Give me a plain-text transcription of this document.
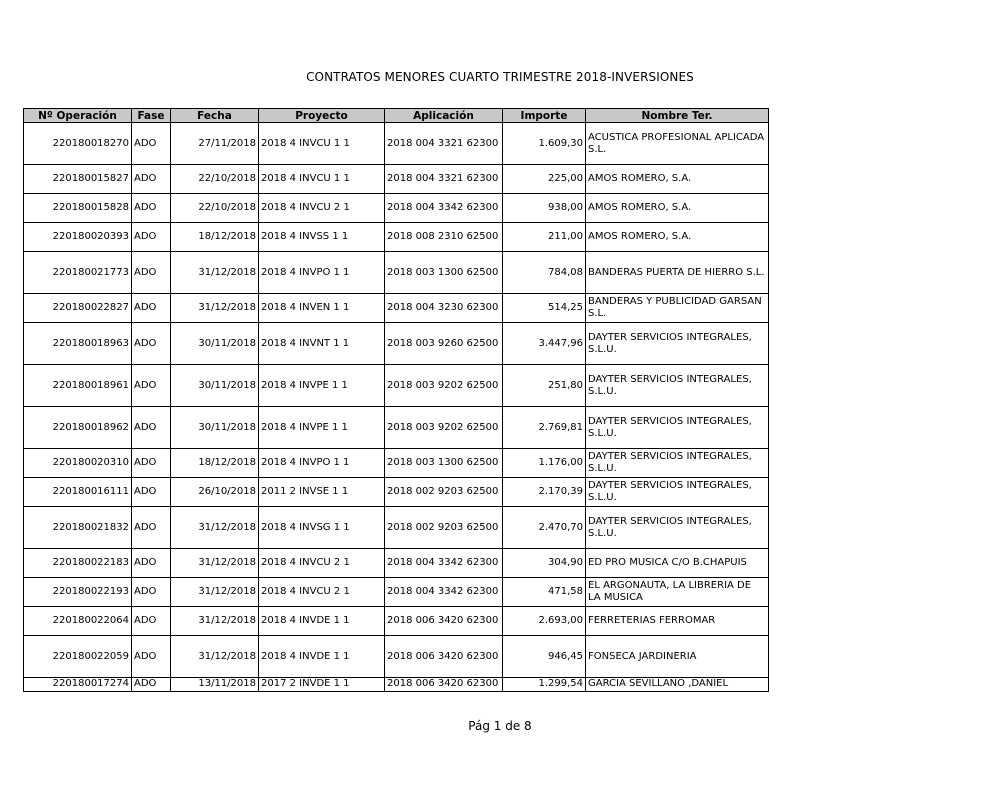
CONTRATOS MENORES CUARTO TRIMESTRE 2018-INVERSIONES
Nº Operación	Fase	Fecha	Proyecto	Aplicación	Importe	Nombre Ter.
220180018270	ADO	27/11/2018	2018 4 INVCU 1 1	2018 004 3321 62300	1.609,30	ACUSTICA PROFESIONAL APLICADA S.L.
220180015827	ADO	22/10/2018	2018 4 INVCU 1 1	2018 004 3321 62300	225,00	AMOS ROMERO, S.A.
220180015828	ADO	22/10/2018	2018 4 INVCU 2 1	2018 004 3342 62300	938,00	AMOS ROMERO, S.A.
220180020393	ADO	18/12/2018	2018 4 INVSS 1 1	2018 008 2310 62500	211,00	AMOS ROMERO, S.A.
220180021773	ADO	31/12/2018	2018 4 INVPO 1 1	2018 003 1300 62500	784,08	BANDERAS PUERTA DE HIERRO S.L.
220180022827	ADO	31/12/2018	2018 4 INVEN 1 1	2018 004 3230 62300	514,25	BANDERAS Y PUBLICIDAD GARSAN S.L.
220180018963	ADO	30/11/2018	2018 4 INVNT 1 1	2018 003 9260 62500	3.447,96	DAYTER SERVICIOS INTEGRALES, S.L.U.
220180018961	ADO	30/11/2018	2018 4 INVPE 1 1	2018 003 9202 62500	251,80	DAYTER SERVICIOS INTEGRALES, S.L.U.
220180018962	ADO	30/11/2018	2018 4 INVPE 1 1	2018 003 9202 62500	2.769,81	DAYTER SERVICIOS INTEGRALES, S.L.U.
220180020310	ADO	18/12/2018	2018 4 INVPO 1 1	2018 003 1300 62500	1.176,00	DAYTER SERVICIOS INTEGRALES, S.L.U.
220180016111	ADO	26/10/2018	2011 2 INVSE 1 1	2018 002 9203 62500	2.170,39	DAYTER SERVICIOS INTEGRALES, S.L.U.
220180021832	ADO	31/12/2018	2018 4 INVSG 1 1	2018 002 9203 62500	2.470,70	DAYTER SERVICIOS INTEGRALES, S.L.U.
220180022183	ADO	31/12/2018	2018 4 INVCU 2 1	2018 004 3342 62300	304,90	ED PRO MUSICA C/O B.CHAPUIS
220180022193	ADO	31/12/2018	2018 4 INVCU 2 1	2018 004 3342 62300	471,58	EL ARGONAUTA, LA LIBRERIA DE LA MUSICA
220180022064	ADO	31/12/2018	2018 4 INVDE 1 1	2018 006 3420 62300	2.693,00	FERRETERIAS FERROMAR
220180022059	ADO	31/12/2018	2018 4 INVDE 1 1	2018 006 3420 62300	946,45	FONSECA JARDINERIA
220180017274	ADO	13/11/2018	2017 2 INVDE 1 1	2018 006 3420 62300	1.299,54	GARCIA SEVILLANO ,DANIEL
Pág 1 de 8
